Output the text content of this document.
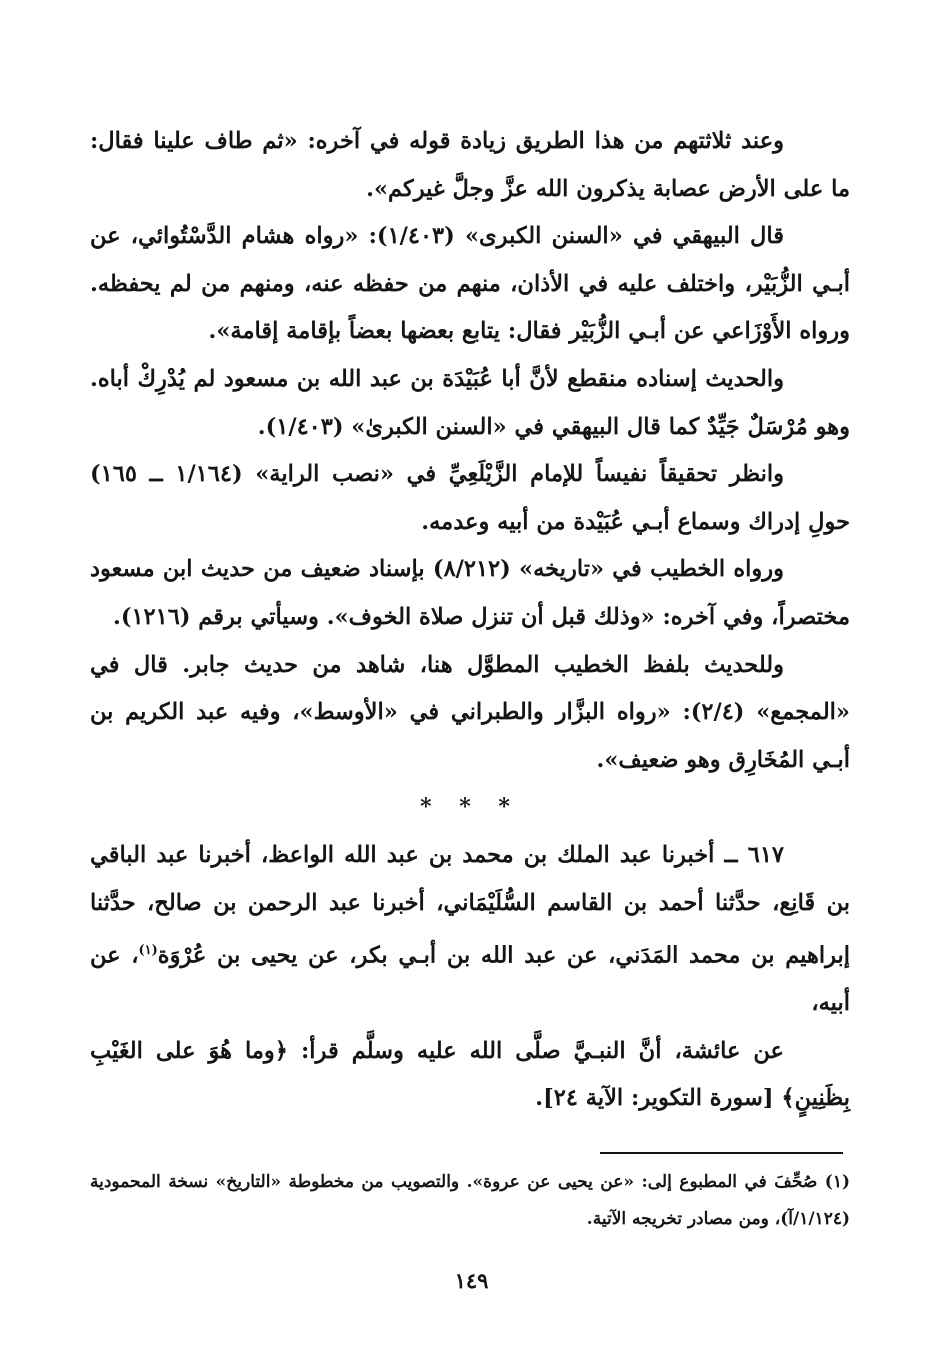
وعند ثلاثتهم من هذا الطريق زيادة قوله في آخره: «ثم طاف علينا فقال: ما على الأرض عصابة يذكرون الله عزَّ وجلَّ غيركم».

قال البيهقي في «السنن الكبرى» (١/٤٠٣): «رواه هشام الدَّسْتُوائي، عن أبـي الزُّبَيْر، واختلف عليه في الأذان، منهم من حفظه عنه، ومنهم من لم يحفظه. ورواه الأَوْزَاعي عن أبـي الزُّبَيْر فقال: يتابع بعضها بعضاً بإقامة إقامة».

والحديث إسناده منقطع لأنَّ أبا عُبَيْدَة بن عبد الله بن مسعود لم يُدْرِكْ أباه. وهو مُرْسَلٌ جَيِّدٌ كما قال البيهقي في «السنن الكبرىٰ» (١/٤٠٣).

وانظر تحقيقاً نفيساً للإمام الزَّيْلَعِيِّ في «نصب الراية» (١/١٦٤ ــ ١٦٥) حولِ إدراك وسماع أبـي عُبَيْدة من أبيه وعدمه.

ورواه الخطيب في «تاريخه» (٨/٢١٢) بإسناد ضعيف من حديث ابن مسعود مختصراً، وفي آخره: «وذلك قبل أن تنزل صلاة الخوف». وسيأتي برقم (١٢١٦).

وللحديث بلفظ الخطيب المطوَّل هنا، شاهد من حديث جابر. قال في «المجمع» (٢/٤): «رواه البزَّار والطبراني في «الأوسط»، وفيه عبد الكريم بن أبـي المُخَارِق وهو ضعيف».

* * *

٦١٧ ــ أخبرنا عبد الملك بن محمد بن عبد الله الواعظ، أخبرنا عبد الباقي بن قَانِع، حدَّثنا أحمد بن القاسم السُّلَيْمَاني، أخبرنا عبد الرحمن بن صالح، حدَّثنا إبراهيم بن محمد المَدَني، عن عبد الله بن أبـي بكر، عن يحيى بن عُرْوَة$^{(١)}$، عن أبيه،

عن عائشة، أنَّ النبـيَّ صلَّى الله عليه وسلَّم قرأ: ﴿وما هُوَ على الغَيْبِ بِظَنِينٍ﴾ [سورة التكوير: الآية ٢٤].

(١) صُحِّفَ في المطبوع إلى: «عن يحيى عن عروة». والتصويب من مخطوطة «التاريخ» نسخة المحمودية (١/١٢٤/آ)، ومن مصادر تخريجه الآتية.

١٤٩
